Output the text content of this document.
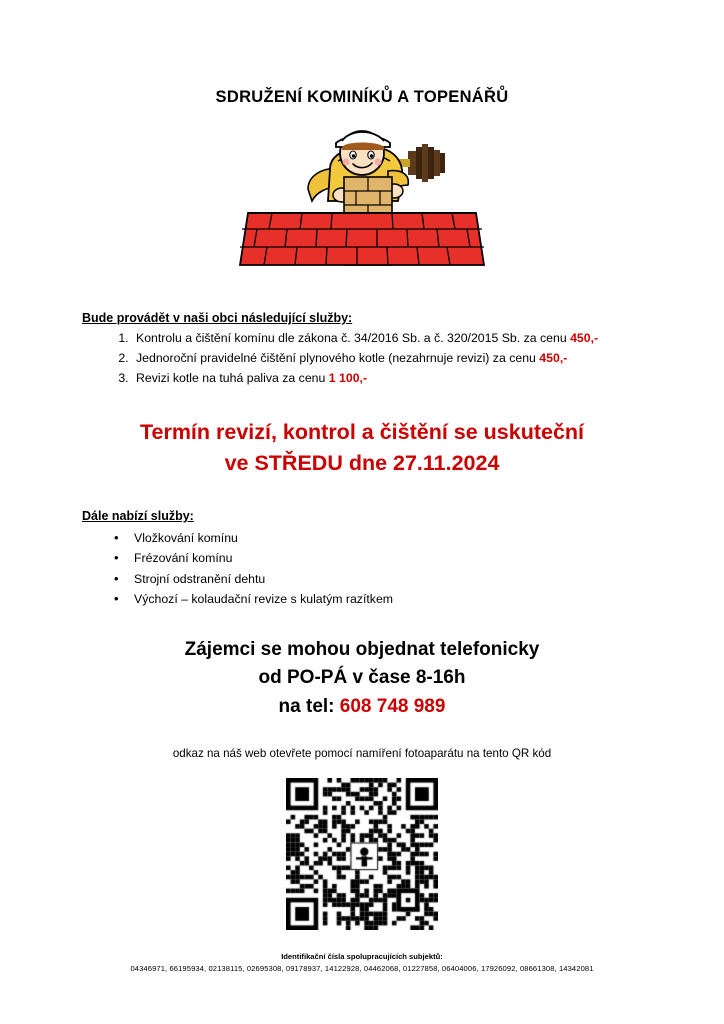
SDRUŽENÍ KOMINÍKŮ A TOPENÁŘŮ
Bude provádět v naši obci následující služby:
1. Kontrolu a čištění komínu dle zákona č. 34/2016 Sb. a č. 320/2015 Sb. za cenu 450,-
2. Jednoroční pravidelné čištění plynového kotle (nezahrnuje revizi) za cenu 450,-
3. Revizi kotle na tuhá paliva za cenu 1 100,-
Termín revizí, kontrol a čištění se uskuteční
ve STŘEDU dne 27.11.2024
Dále nabízí služby:
• Vložkování komínu
• Frézování komínu
• Strojní odstranění dehtu
• Výchozí – kolaudační revize s kulatým razítkem
Zájemci se mohou objednat telefonicky
od PO-PÁ v čase 8-16h
na tel: 608 748 989
odkaz na náš web otevřete pomocí namíření fotoaparátu na tento QR kód
Identifikační čísla spolupracujících subjektů:
04346971, 66195934, 02138115, 02695308, 09178937, 14122928, 04462068, 01227858, 06404006, 17926092, 08661308, 14342081
